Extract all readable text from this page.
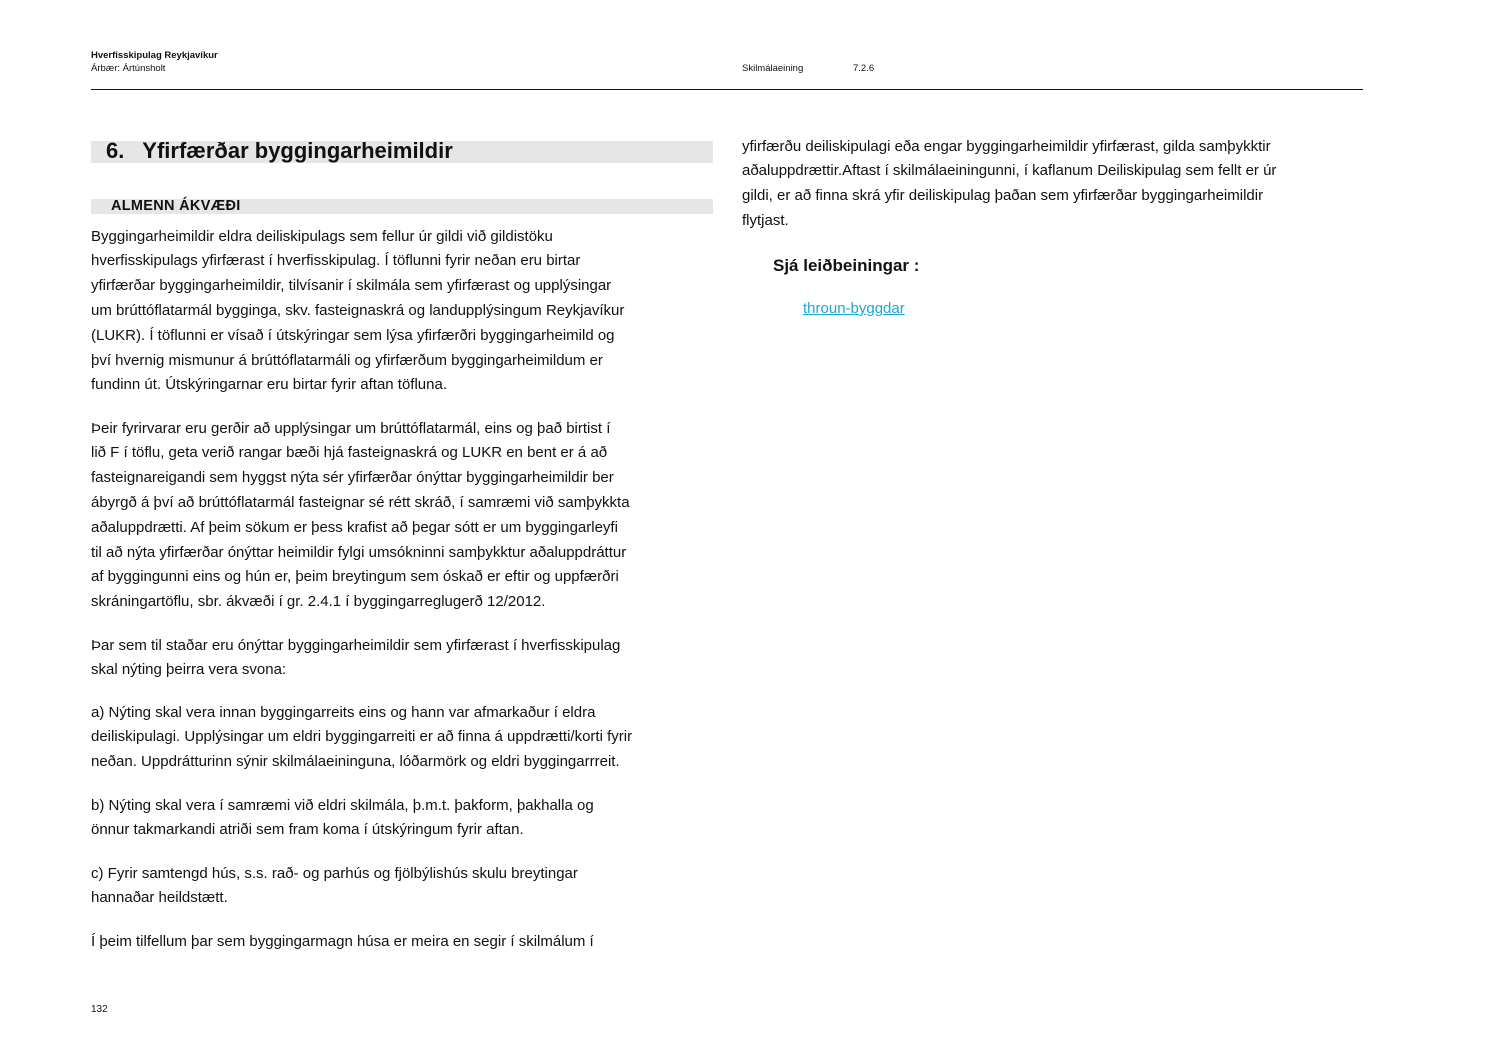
Hverfisskipulag Reykjavíkur
Árbær: Ártúnsholt	Skilmálaeining	7.2.6
6.   Yfirfærðar byggingarheimildir
ALMENN ÁKVÆÐI
Byggingarheimildir eldra deiliskipulags sem fellur úr gildi við gildistöku
hverfisskipulags yfirfærast í hverfisskipulag. Í töflunni fyrir neðan eru birtar
yfirfærðar byggingarheimildir, tilvísanir í skilmála sem yfirfærast og upplýsingar
um brúttóflatarmál bygginga, skv. fasteignaskrá og landupplýsingum Reykjavíkur
(LUKR). Í töflunni er vísað í útskýringar sem lýsa yfirfærðri byggingarheimild og
því hvernig mismunur á brúttóflatarmáli og yfirfærðum byggingarheimildum er
fundinn út. Útskýringarnar eru birtar fyrir aftan töfluna.
Þeir fyrirvarar eru gerðir að upplýsingar um brúttóflatarmál, eins og það birtist í
lið F í töflu, geta verið rangar bæði hjá fasteignaskrá og LUKR en bent er á að
fasteignareigandi sem hyggst nýta sér yfirfærðar ónýttar byggingarheimildir ber
ábyrgð á því að brúttóflatarmál fasteignar sé rétt skráð, í samræmi við samþykkta
aðaluppdrætti. Af þeim sökum er þess krafist að þegar sótt er um byggingarleyfi
til að nýta yfirfærðar ónýttar heimildir fylgi umsókninni samþykktur aðaluppdráttur
af byggingunni eins og hún er, þeim breytingum sem óskað er eftir og uppfærðri
skráningartöflu, sbr. ákvæði í gr. 2.4.1 í byggingarreglugerð 12/2012.
Þar sem til staðar eru ónýttar byggingarheimildir sem yfirfærast í hverfisskipulag
skal nýting þeirra vera svona:
a) Nýting skal vera innan byggingarreits eins og hann var afmarkaður í eldra
deiliskipulagi. Upplýsingar um eldri byggingarreiti er að finna á uppdrætti/korti fyrir
neðan. Uppdrátturinn sýnir skilmálaeininguna, lóðarmörk og eldri byggingarrreit.
b) Nýting skal vera í samræmi við eldri skilmála, þ.m.t. þakform, þakhalla og
önnur takmarkandi atriði sem fram koma í útskýringum fyrir aftan.
c) Fyrir samtengd hús, s.s. rað- og parhús og fjölbýlishús skulu breytingar
hannaðar heildstætt.
Í þeim tilfellum þar sem byggingarmagn húsa er meira en segir í skilmálum í
yfirfærðu deiliskipulagi eða engar byggingarheimildir yfirfærast, gilda samþykktir
aðaluppdrættir.Aftast í skilmálaeiningunni, í kaflanum Deiliskipulag sem fellt er úr
gildi, er að finna skrá yfir deiliskipulag þaðan sem yfirfærðar byggingarheimildir
flytjast.
Sjá leiðbeiningar :
throun-byggdar
132
